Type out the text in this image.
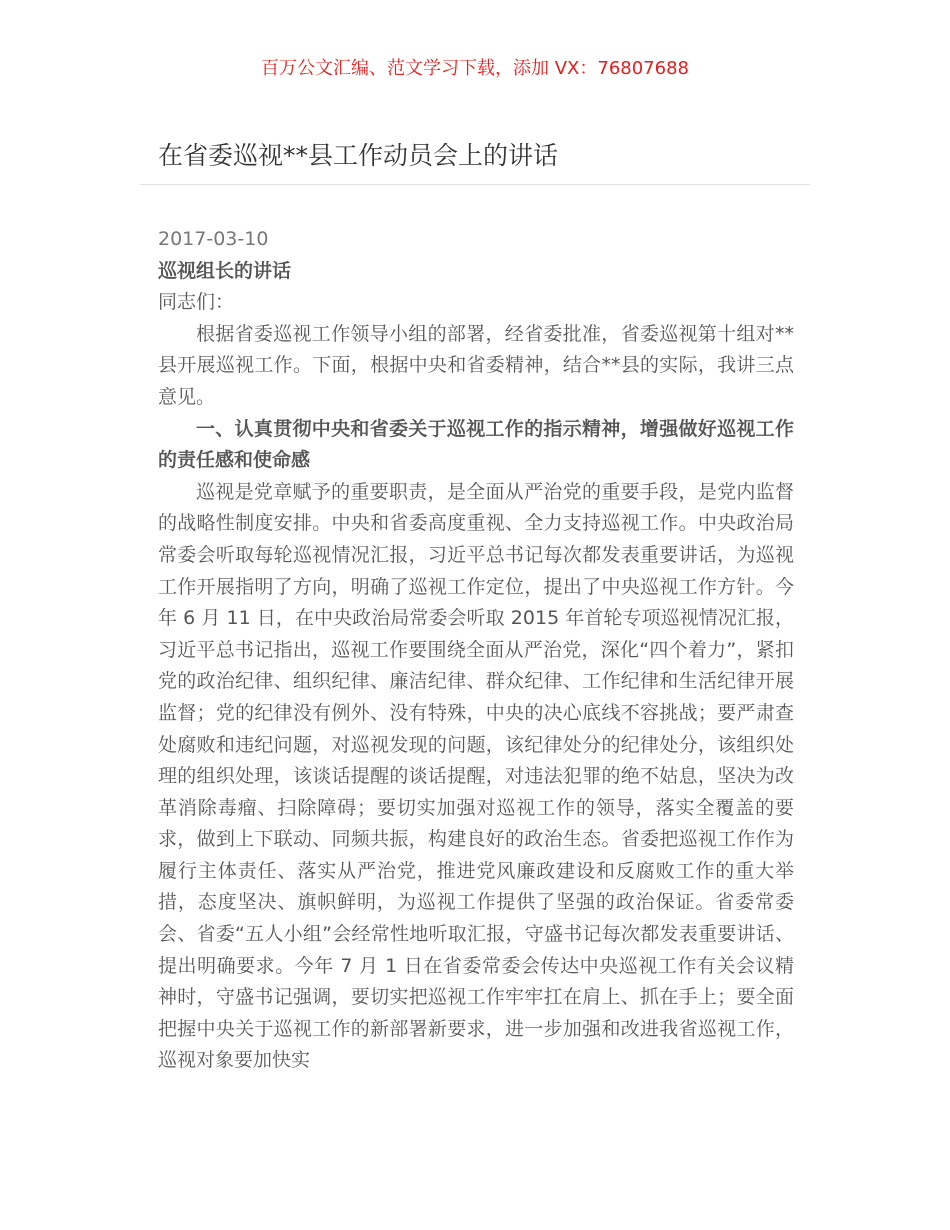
百万公文汇编、范文学习下载，添加 VX：76807688
在省委巡视**县工作动员会上的讲话

2017-03-10

巡视组长的讲话

同志们：

根据省委巡视工作领导小组的部署，经省委批准，省委巡视第十组对**县开展巡视工作。下面，根据中央和省委精神，结合**县的实际，我讲三点意见。

一、认真贯彻中央和省委关于巡视工作的指示精神，增强做好巡视工作的责任感和使命感

巡视是党章赋予的重要职责，是全面从严治党的重要手段，是党内监督的战略性制度安排。中央和省委高度重视、全力支持巡视工作。中央政治局常委会听取每轮巡视情况汇报，习近平总书记每次都发表重要讲话，为巡视工作开展指明了方向，明确了巡视工作定位，提出了中央巡视工作方针。今年 6 月 11 日，在中央政治局常委会听取 2015 年首轮专项巡视情况汇报，习近平总书记指出，巡视工作要围绕全面从严治党，深化“四个着力”，紧扣党的政治纪律、组织纪律、廉洁纪律、群众纪律、工作纪律和生活纪律开展监督；党的纪律没有例外、没有特殊，中央的决心底线不容挑战；要严肃查处腐败和违纪问题，对巡视发现的问题，该纪律处分的纪律处分，该组织处理的组织处理，该谈话提醒的谈话提醒，对违法犯罪的绝不姑息，坚决为改革消除毒瘤、扫除障碍；要切实加强对巡视工作的领导，落实全覆盖的要求，做到上下联动、同频共振，构建良好的政治生态。省委把巡视工作作为履行主体责任、落实从严治党，推进党风廉政建设和反腐败工作的重大举措，态度坚决、旗帜鲜明，为巡视工作提供了坚强的政治保证。省委常委会、省委“五人小组”会经常性地听取汇报，守盛书记每次都发表重要讲话、提出明确要求。今年 7 月 1 日在省委常委会传达中央巡视工作有关会议精神时，守盛书记强调，要切实把巡视工作牢牢扛在肩上、抓在手上；要全面把握中央关于巡视工作的新部署新要求，进一步加强和改进我省巡视工作，巡视对象要加快实
